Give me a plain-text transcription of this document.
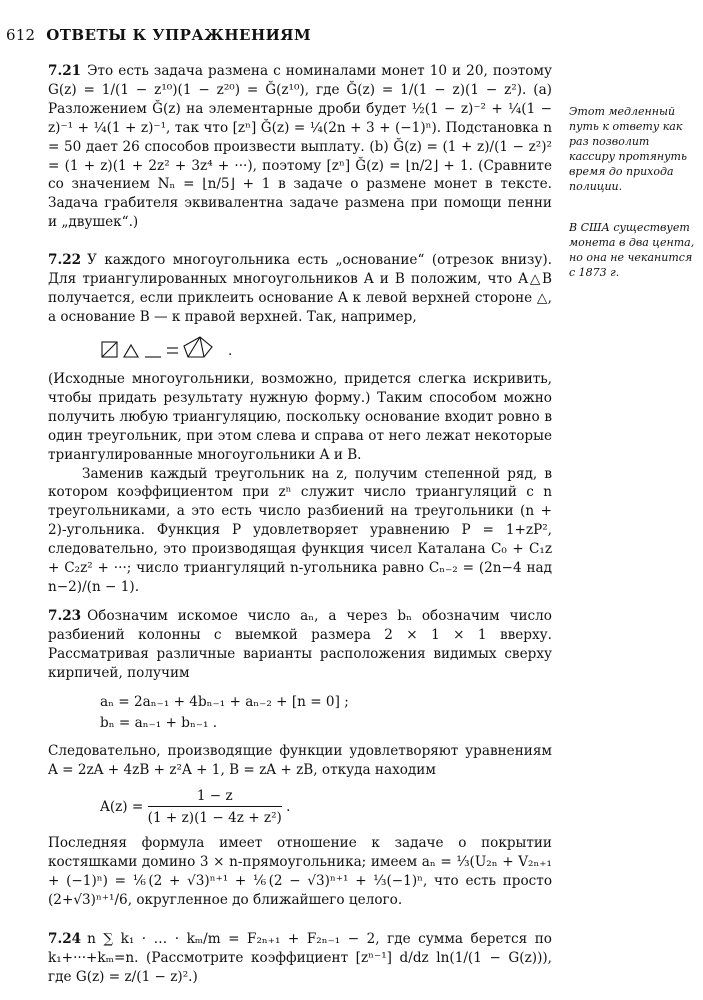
612 ОТВЕТЫ К УПРАЖНЕНИЯМ

7.21 Это есть задача размена с номиналами монет 10 и 20, поэтому G(z) = 1/(1 − z¹⁰)(1 − z²⁰) = Ğ(z¹⁰), где Ğ(z) = 1/(1 − z)(1 − z²). (a) Разложением Ğ(z) на элементарные дроби будет ½(1 − z)⁻² + ¼(1 − z)⁻¹ + ¼(1 + z)⁻¹, так что [zⁿ] Ğ(z) = ¼(2n + 3 + (−1)ⁿ). Подстановка n = 50 дает 26 способов произвести выплату. (b) Ğ(z) = (1 + z)/(1 − z²)² = (1 + z)(1 + 2z² + 3z⁴ + ···), поэтому [zⁿ] Ğ(z) = ⌊n/2⌋ + 1. (Сравните со значением Nₙ = ⌊n/5⌋ + 1 в задаче о размене монет в тексте. Задача грабителя эквивалентна задаче размена при помощи пенни и „двушек“.)

7.22 У каждого многоугольника есть „основание“ (отрезок внизу). Для триангулированных многоугольников A и B положим, что A△B получается, если приклеить основание A к левой верхней стороне △, а основание B — к правой верхней. Так, например,

.

(Исходные многоугольники, возможно, придется слегка искривить, чтобы придать результату нужную форму.) Таким способом можно получить любую триангуляцию, поскольку основание входит ровно в один треугольник, при этом слева и справа от него лежат некоторые триангулированные многоугольники A и B.

Заменив каждый треугольник на z, получим степенной ряд, в котором коэффициентом при zⁿ служит число триангуляций с n треугольниками, а это есть число разбиений на треугольники (n + 2)-угольника. Функция P удовлетворяет уравнению P = 1+zP², следовательно, это производящая функция чисел Каталана C₀ + C₁z + C₂z² + ···; число триангуляций n-угольника равно Cₙ₋₂ = (2n−4 над n−2)/(n − 1).

7.23 Обозначим искомое число aₙ, а через bₙ обозначим число разбиений колонны с выемкой размера 2 × 1 × 1 вверху. Рассматривая различные варианты расположения видимых сверху кирпичей, получим

aₙ = 2aₙ₋₁ + 4bₙ₋₁ + aₙ₋₂ + [n = 0] ;
bₙ = aₙ₋₁ + bₙ₋₁ .

Следовательно, производящие функции удовлетворяют уравнениям A = 2zA + 4zB + z²A + 1, B = zA + zB, откуда находим

$A(z) = \frac{1 - z}{\text{(1 + z)(1 − 4z + z²)}}$ .

Последняя формула имеет отношение к задаче о покрытии костяшками домино 3 × n-прямоугольника; имеем aₙ = ⅓(U₂ₙ + V₂ₙ₊₁ + (−1)ⁿ) = ⅙(2 + √3)ⁿ⁺¹ + ⅙(2 − √3)ⁿ⁺¹ + ⅓(−1)ⁿ, что есть просто (2+√3)ⁿ⁺¹/6, округленное до ближайшего целого.

7.24 n ∑ k₁ · … · kₘ/m = F₂ₙ₊₁ + F₂ₙ₋₁ − 2, где сумма берется по k₁+···+kₘ=n. (Рассмотрите коэффициент [zⁿ⁻¹] d/dz ln(1/(1 − G(z))), где G(z) = z/(1 − z)².)

Этот медленный путь к ответу как раз позволит кассиру протянуть время до прихода полиции.

В США существует монета в два цента, но она не чеканится с 1873 г.
